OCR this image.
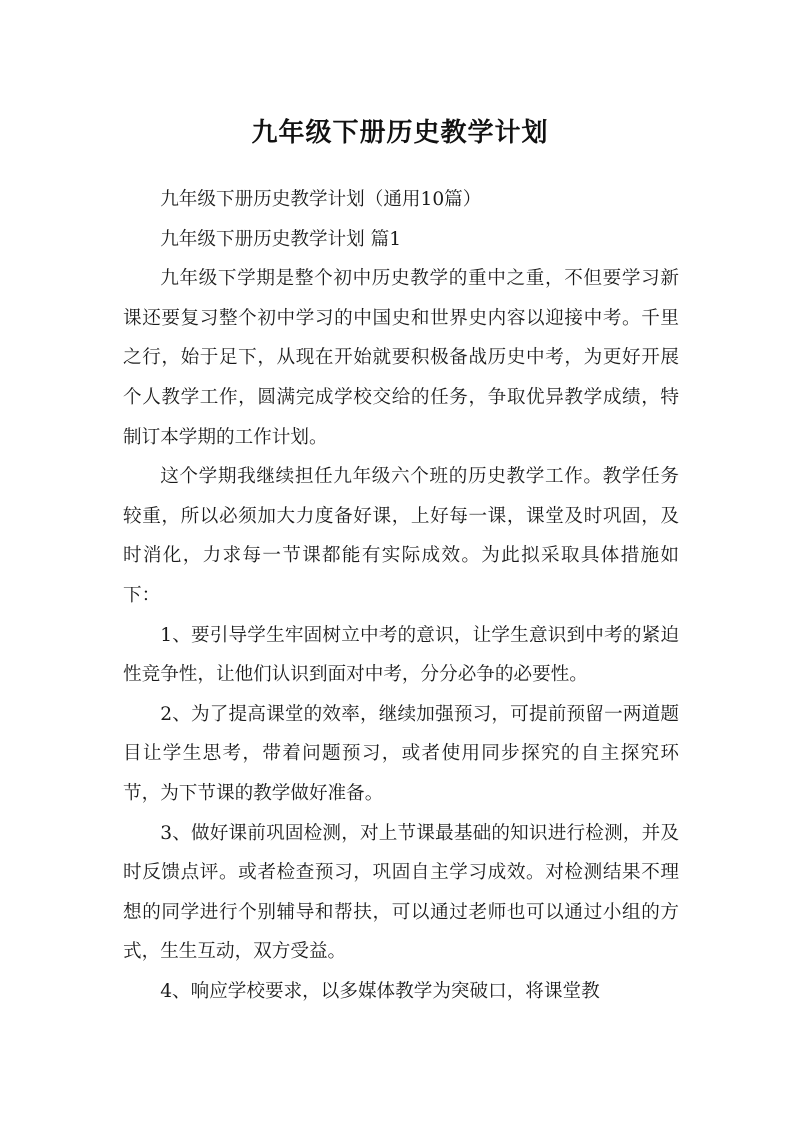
九年级下册历史教学计划

九年级下册历史教学计划（通用10篇）

九年级下册历史教学计划 篇1

九年级下学期是整个初中历史教学的重中之重，不但要学习新课还要复习整个初中学习的中国史和世界史内容以迎接中考。千里之行，始于足下，从现在开始就要积极备战历史中考，为更好开展个人教学工作，圆满完成学校交给的任务，争取优异教学成绩，特制订本学期的工作计划。

这个学期我继续担任九年级六个班的历史教学工作。教学任务较重，所以必须加大力度备好课，上好每一课，课堂及时巩固，及时消化，力求每一节课都能有实际成效。为此拟采取具体措施如下：

1、要引导学生牢固树立中考的意识，让学生意识到中考的紧迫性竞争性，让他们认识到面对中考，分分必争的必要性。

2、为了提高课堂的效率，继续加强预习，可提前预留一两道题目让学生思考，带着问题预习，或者使用同步探究的自主探究环节，为下节课的教学做好准备。

3、做好课前巩固检测，对上节课最基础的知识进行检测，并及时反馈点评。或者检查预习，巩固自主学习成效。对检测结果不理想的同学进行个别辅导和帮扶，可以通过老师也可以通过小组的方式，生生互动，双方受益。

4、响应学校要求，以多媒体教学为突破口，将课堂教
